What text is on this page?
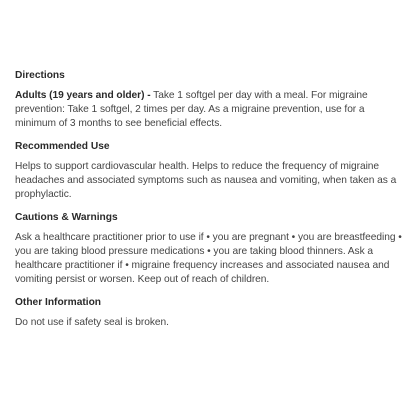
Directions

Adults (19 years and older) - Take 1 softgel per day with a meal. For migraine
prevention: Take 1 softgel, 2 times per day. As a migraine prevention, use for a
minimum of 3 months to see beneficial effects.

Recommended Use

Helps to support cardiovascular health. Helps to reduce the frequency of migraine
headaches and associated symptoms such as nausea and vomiting, when taken as a
prophylactic.

Cautions & Warnings

Ask a healthcare practitioner prior to use if • you are pregnant • you are breastfeeding •
you are taking blood pressure medications • you are taking blood thinners. Ask a
healthcare practitioner if • migraine frequency increases and associated nausea and
vomiting persist or worsen. Keep out of reach of children.

Other Information

Do not use if safety seal is broken.
